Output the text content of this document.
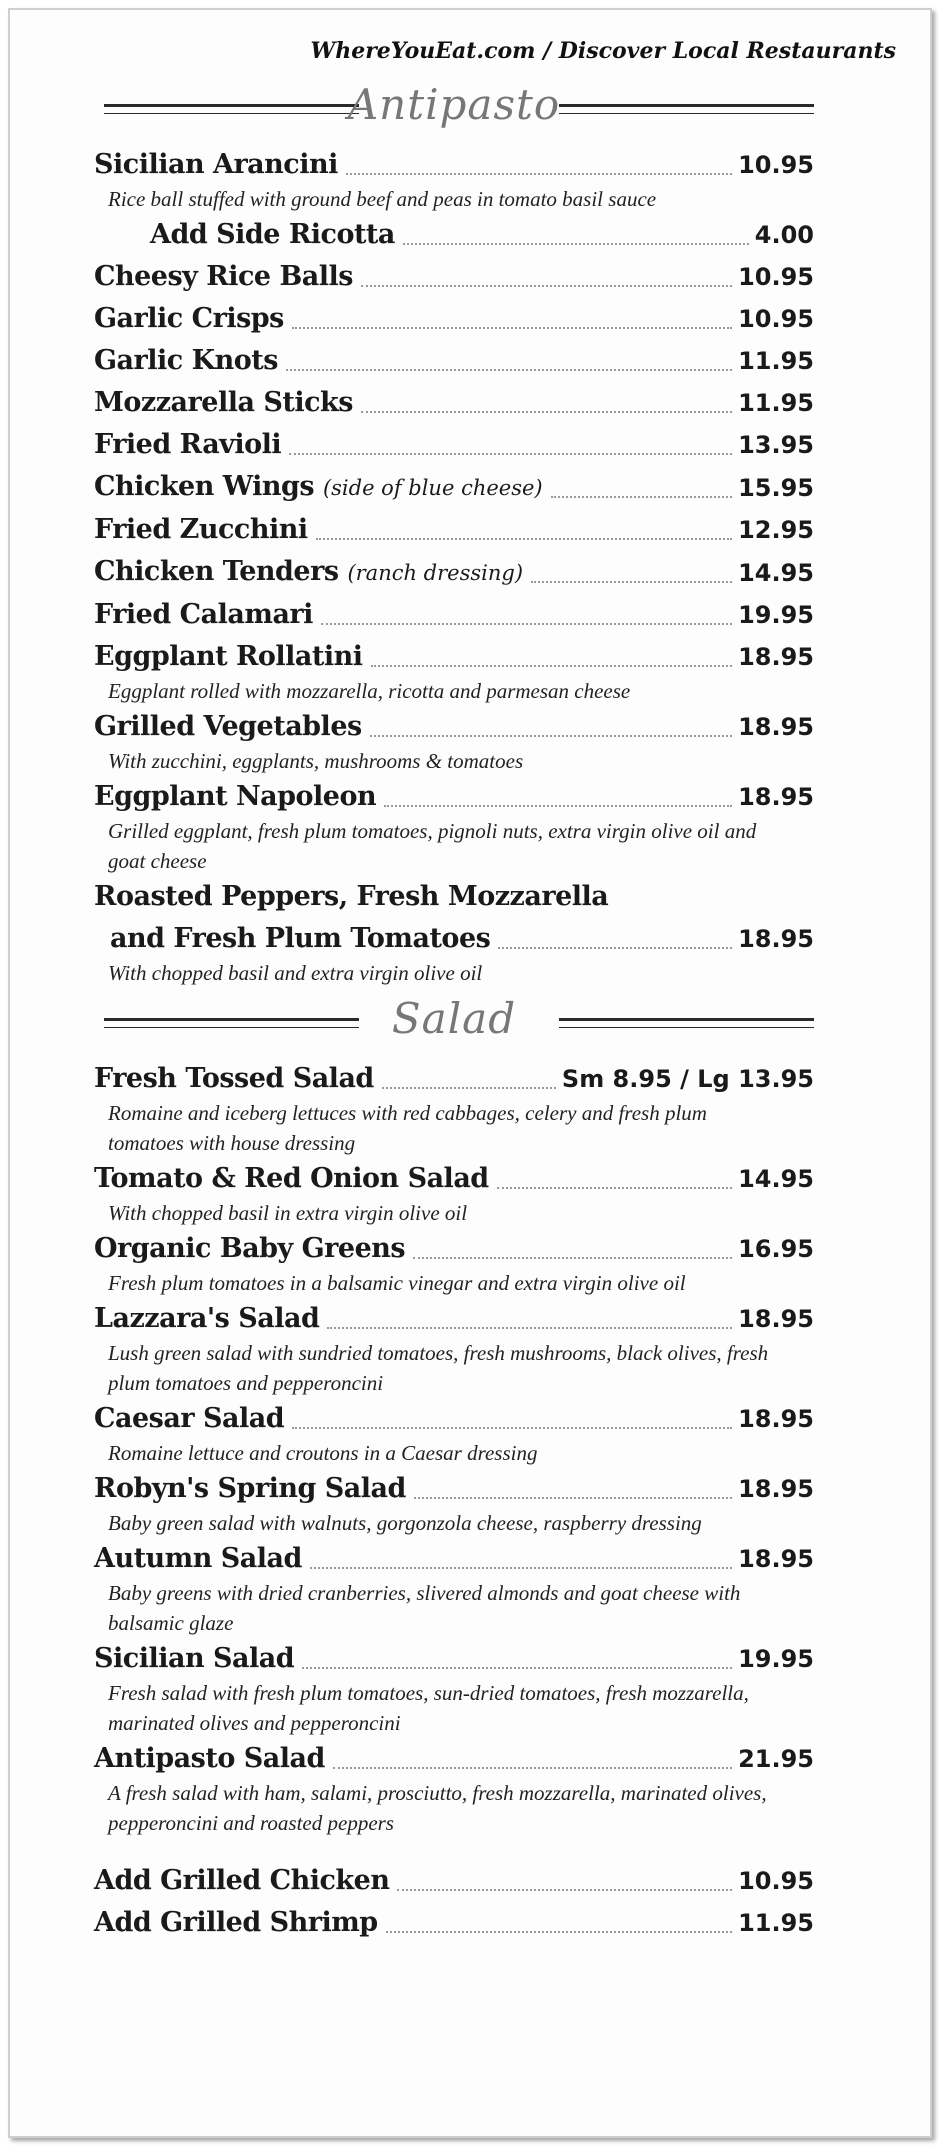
WhereYouEat.com / Discover Local Restaurants
Antipasto
Sicilian Arancini	10.95
Rice ball stuffed with ground beef and peas in tomato basil sauce
Add Side Ricotta	4.00
Cheesy Rice Balls	10.95
Garlic Crisps	10.95
Garlic Knots	11.95
Mozzarella Sticks	11.95
Fried Ravioli	13.95
Chicken Wings (side of blue cheese)	15.95
Fried Zucchini	12.95
Chicken Tenders (ranch dressing)	14.95
Fried Calamari	19.95
Eggplant Rollatini	18.95
Eggplant rolled with mozzarella, ricotta and parmesan cheese
Grilled Vegetables	18.95
With zucchini, eggplants, mushrooms & tomatoes
Eggplant Napoleon	18.95
Grilled eggplant, fresh plum tomatoes, pignoli nuts, extra virgin olive oil and goat cheese
Roasted Peppers, Fresh Mozzarella
and Fresh Plum Tomatoes	18.95
With chopped basil and extra virgin olive oil
Salad
Fresh Tossed Salad	Sm 8.95 / Lg 13.95
Romaine and iceberg lettuces with red cabbages, celery and fresh plum tomatoes with house dressing
Tomato & Red Onion Salad	14.95
With chopped basil in extra virgin olive oil
Organic Baby Greens	16.95
Fresh plum tomatoes in a balsamic vinegar and extra virgin olive oil
Lazzara's Salad	18.95
Lush green salad with sundried tomatoes, fresh mushrooms, black olives, fresh plum tomatoes and pepperoncini
Caesar Salad	18.95
Romaine lettuce and croutons in a Caesar dressing
Robyn's Spring Salad	18.95
Baby green salad with walnuts, gorgonzola cheese, raspberry dressing
Autumn Salad	18.95
Baby greens with dried cranberries, slivered almonds and goat cheese with balsamic glaze
Sicilian Salad	19.95
Fresh salad with fresh plum tomatoes, sun-dried tomatoes, fresh mozzarella, marinated olives and pepperoncini
Antipasto Salad	21.95
A fresh salad with ham, salami, prosciutto, fresh mozzarella, marinated olives, pepperoncini and roasted peppers
Add Grilled Chicken	10.95
Add Grilled Shrimp	11.95
